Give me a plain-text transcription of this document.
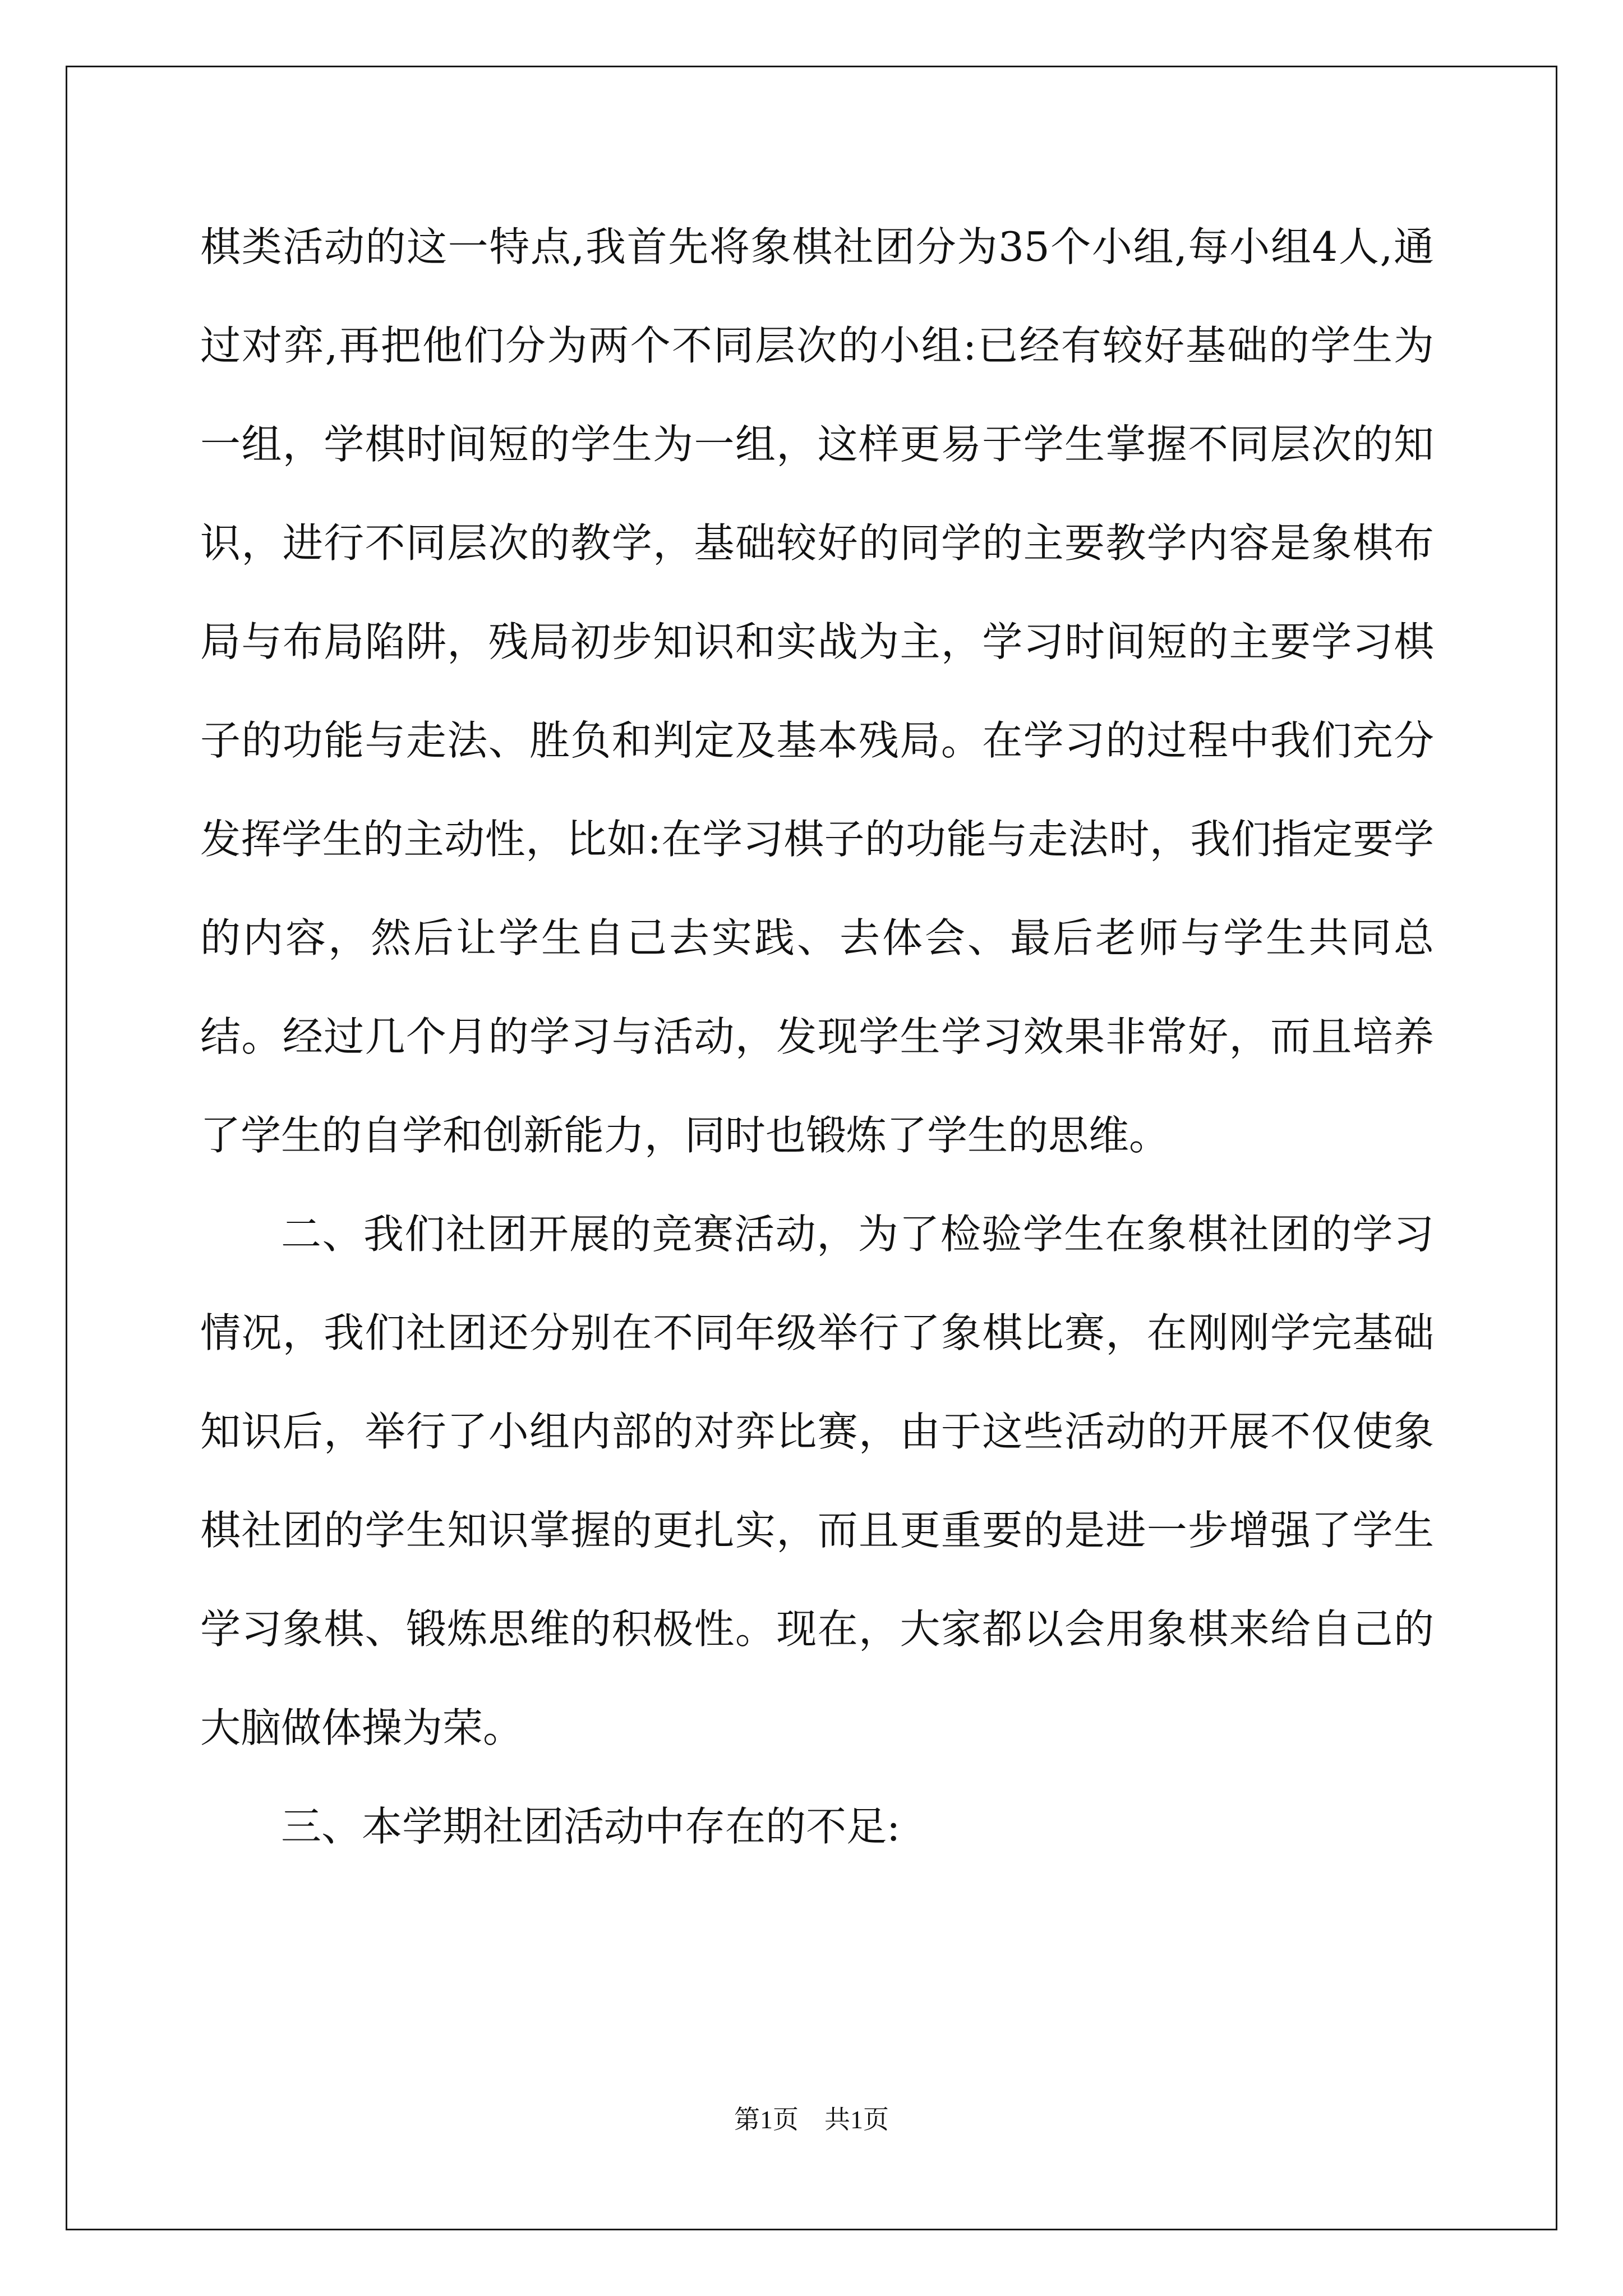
棋类活动的这一特点,我首先将象棋社团分为35个小组,每小组4人,通过对弈,再把他们分为两个不同层次的小组:已经有较好基础的学生为一组，学棋时间短的学生为一组，这样更易于学生掌握不同层次的知识，进行不同层次的教学，基础较好的同学的主要教学内容是象棋布局与布局陷阱，残局初步知识和实战为主，学习时间短的主要学习棋子的功能与走法、胜负和判定及基本残局。在学习的过程中我们充分发挥学生的主动性，比如:在学习棋子的功能与走法时，我们指定要学的内容，然后让学生自己去实践、去体会、最后老师与学生共同总结。经过几个月的学习与活动，发现学生学习效果非常好，而且培养了学生的自学和创新能力，同时也锻炼了学生的思维。

二、我们社团开展的竞赛活动，为了检验学生在象棋社团的学习情况，我们社团还分别在不同年级举行了象棋比赛，在刚刚学完基础知识后，举行了小组内部的对弈比赛，由于这些活动的开展不仅使象棋社团的学生知识掌握的更扎实，而且更重要的是进一步增强了学生学习象棋、锻炼思维的积极性。现在，大家都以会用象棋来给自己的大脑做体操为荣。

三、本学期社团活动中存在的不足:

第1页　共1页
